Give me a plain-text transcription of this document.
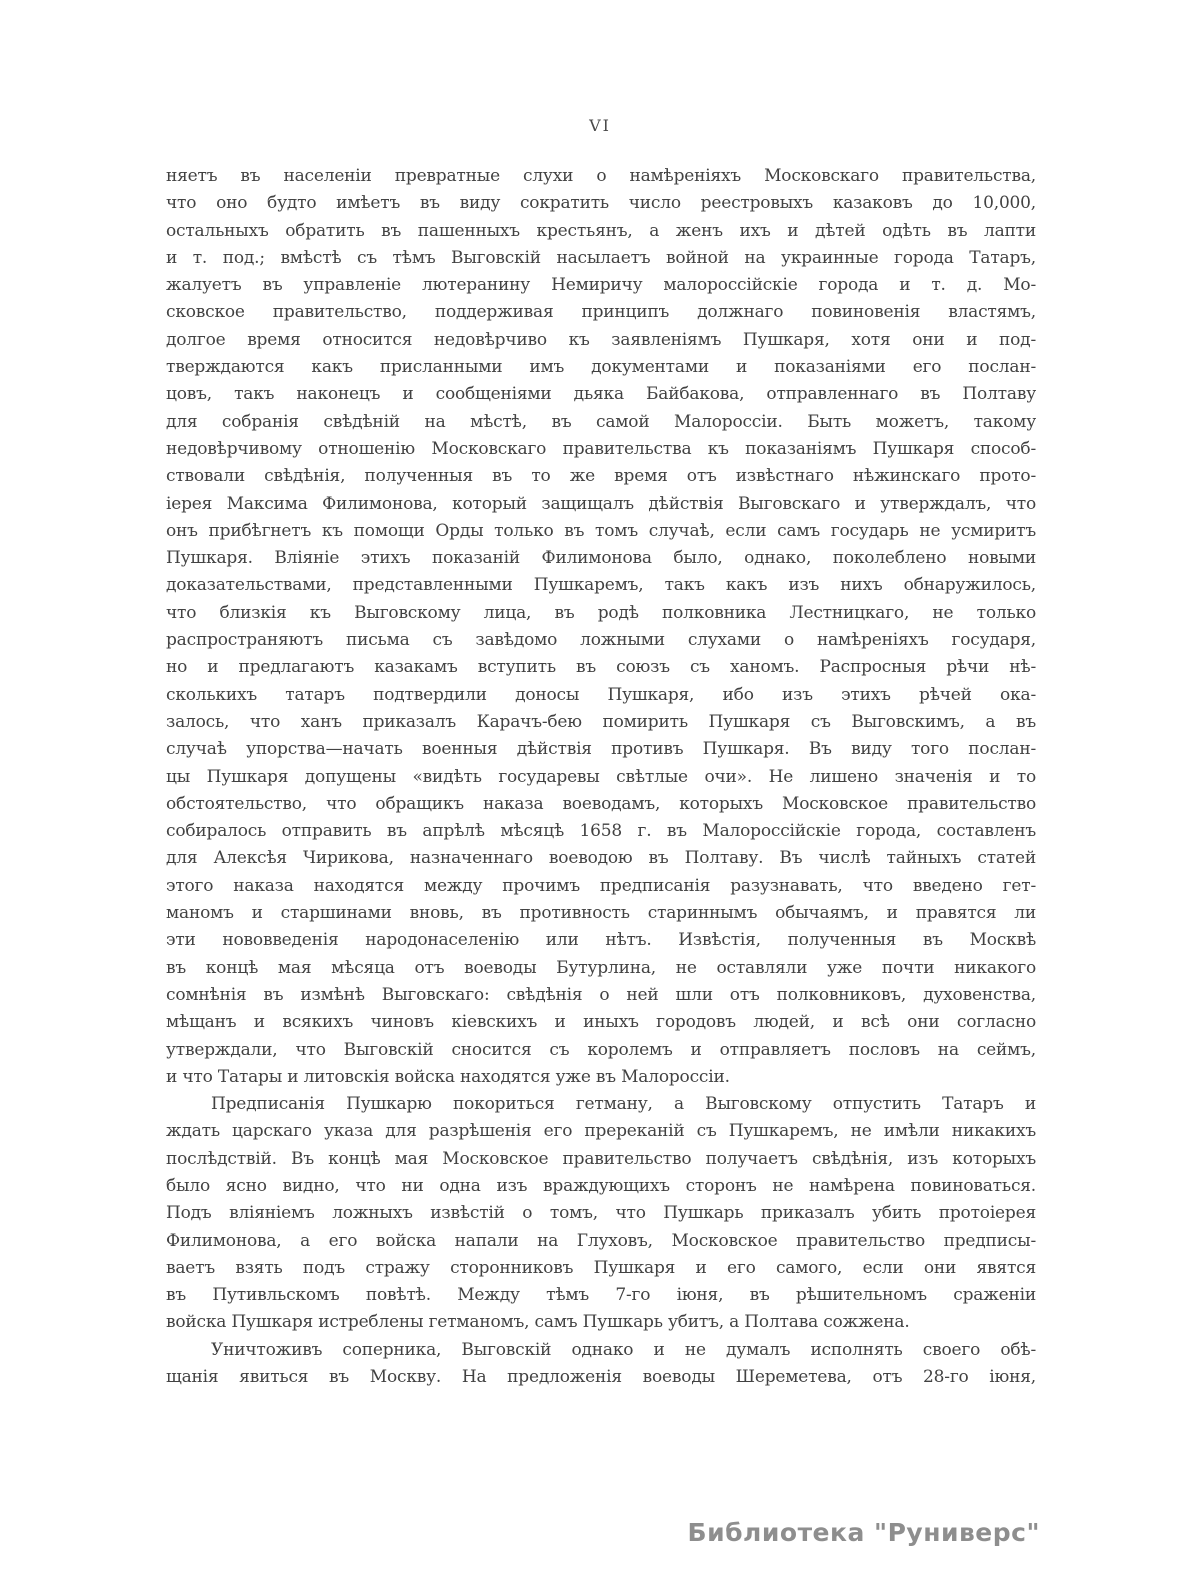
VI
няетъ въ населеніи превратные слухи о намѣреніяхъ Московскаго правительства,
что оно будто имѣетъ въ виду сократить число реестровыхъ казаковъ до 10,000,
остальныхъ обратить въ пашенныхъ крестьянъ, а женъ ихъ и дѣтей одѣть въ лапти
и т. под.; вмѣстѣ съ тѣмъ Выговскій насылаетъ войной на украинные города Татаръ,
жалуетъ въ управленіе лютеранину Немиричу малороссійскіе города и т. д. Мо-
сковское правительство, поддерживая принципъ должнаго повиновенія властямъ,
долгое время относится недовѣрчиво къ заявленіямъ Пушкаря, хотя они и под-
тверждаются какъ присланными имъ документами и показаніями его послан-
цовъ, такъ наконецъ и сообщеніями дьяка Байбакова, отправленнаго въ Полтаву
для собранія свѣдѣній на мѣстѣ, въ самой Малороссіи. Быть можетъ, такому
недовѣрчивому отношенію Московскаго правительства къ показаніямъ Пушкаря способ-
ствовали свѣдѣнія, полученныя въ то же время отъ извѣстнаго нѣжинскаго прото-
іерея Максима Филимонова, который защищалъ дѣйствія Выговскаго и утверждалъ, что
онъ прибѣгнетъ къ помощи Орды только въ томъ случаѣ, если самъ государь не усмиритъ
Пушкаря. Вліяніе этихъ показаній Филимонова было, однако, поколеблено новыми
доказательствами, представленными Пушкаремъ, такъ какъ изъ нихъ обнаружилось,
что близкія къ Выговскому лица, въ родѣ полковника Лестницкаго, не только
распространяютъ письма съ завѣдомо ложными слухами о намѣреніяхъ государя,
но и предлагаютъ казакамъ вступить въ союзъ съ ханомъ. Распросныя рѣчи нѣ-
сколькихъ татаръ подтвердили доносы Пушкаря, ибо изъ этихъ рѣчей ока-
залось, что ханъ приказалъ Карачъ-бею помирить Пушкаря съ Выговскимъ, а въ
случаѣ упорства—начать военныя дѣйствія противъ Пушкаря. Въ виду того послан-
цы Пушкаря допущены «видѣть государевы свѣтлые очи». Не лишено значенія и то
обстоятельство, что обращикъ наказа воеводамъ, которыхъ Московское правительство
собиралось отправить въ апрѣлѣ мѣсяцѣ 1658 г. въ Малороссійскіе города, составленъ
для Алексѣя Чирикова, назначеннаго воеводою въ Полтаву. Въ числѣ тайныхъ статей
этого наказа находятся между прочимъ предписанія разузнавать, что введено гет-
маномъ и старшинами вновь, въ противность стариннымъ обычаямъ, и правятся ли
эти нововведенія народонаселенію или нѣтъ. Извѣстія, полученныя въ Москвѣ
въ концѣ мая мѣсяца отъ воеводы Бутурлина, не оставляли уже почти никакого
сомнѣнія въ измѣнѣ Выговскаго: свѣдѣнія о ней шли отъ полковниковъ, духовенства,
мѣщанъ и всякихъ чиновъ кіевскихъ и иныхъ городовъ людей, и всѣ они согласно
утверждали, что Выговскій сносится съ королемъ и отправляетъ пословъ на сеймъ,
и что Татары и литовскія войска находятся уже въ Малороссіи.
Предписанія Пушкарю покориться гетману, а Выговскому отпустить Татаръ и
ждать царскаго указа для разрѣшенія его пререканій съ Пушкаремъ, не имѣли никакихъ
послѣдствій. Въ концѣ мая Московское правительство получаетъ свѣдѣнія, изъ которыхъ
было ясно видно, что ни одна изъ враждующихъ сторонъ не намѣрена повиноваться.
Подъ вліяніемъ ложныхъ извѣстій о томъ, что Пушкарь приказалъ убить протоіерея
Филимонова, а его войска напали на Глуховъ, Московское правительство предписы-
ваетъ взять подъ стражу сторонниковъ Пушкаря и его самого, если они явятся
въ Путивльскомъ повѣтѣ. Между тѣмъ 7-го іюня, въ рѣшительномъ сраженіи
войска Пушкаря истреблены гетманомъ, самъ Пушкарь убитъ, а Полтава сожжена.
Уничтоживъ соперника, Выговскій однако и не думалъ исполнять своего обѣ-
щанія явиться въ Москву. На предложенія воеводы Шереметева, отъ 28-го іюня,
Библиотека "Руниверс"
